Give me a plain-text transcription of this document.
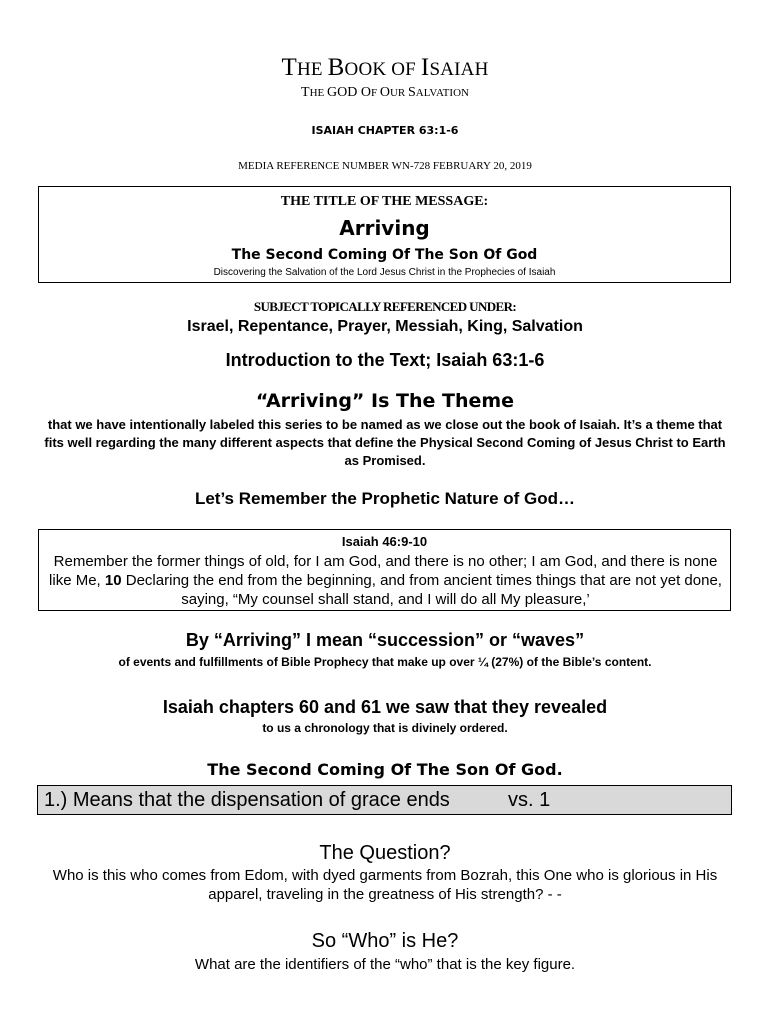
THE BOOK OF ISAIAH
THE GOD OF OUR SALVATION
ISAIAH CHAPTER 63:1-6
MEDIA REFERENCE NUMBER WN-728 FEBRUARY 20, 2019
THE TITLE OF THE MESSAGE:
Arriving
The Second Coming Of The Son Of God
Discovering the Salvation of the Lord Jesus Christ in the Prophecies of Isaiah
SUBJECT TOPICALLY REFERENCED UNDER:
Israel, Repentance, Prayer, Messiah, King, Salvation
Introduction to the Text; Isaiah 63:1-6
“Arriving” Is The Theme
that we have intentionally labeled this series to be named as we close out the book of Isaiah. It’s a theme that fits well regarding the many different aspects that define the Physical Second Coming of Jesus Christ to Earth as Promised.
Let’s Remember the Prophetic Nature of God…
Isaiah 46:9-10
Remember the former things of old, for I am God, and there is no other; I am God, and there is none like Me, 10 Declaring the end from the beginning, and from ancient times things that are not yet done, saying, “My counsel shall stand, and I will do all My pleasure,’
By “Arriving” I mean “succession” or “waves”
of events and fulfillments of Bible Prophecy that make up over ¼ (27%) of the Bible’s content.
Isaiah chapters 60 and 61 we saw that they revealed
to us a chronology that is divinely ordered.
The Second Coming Of The Son Of God.
1.) Means that the dispensation of grace ends	vs. 1
The Question?
Who is this who comes from Edom, with dyed garments from Bozrah, this One who is glorious in His apparel, traveling in the greatness of His strength? - -
So “Who” is He?
What are the identifiers of the “who” that is the key figure.
